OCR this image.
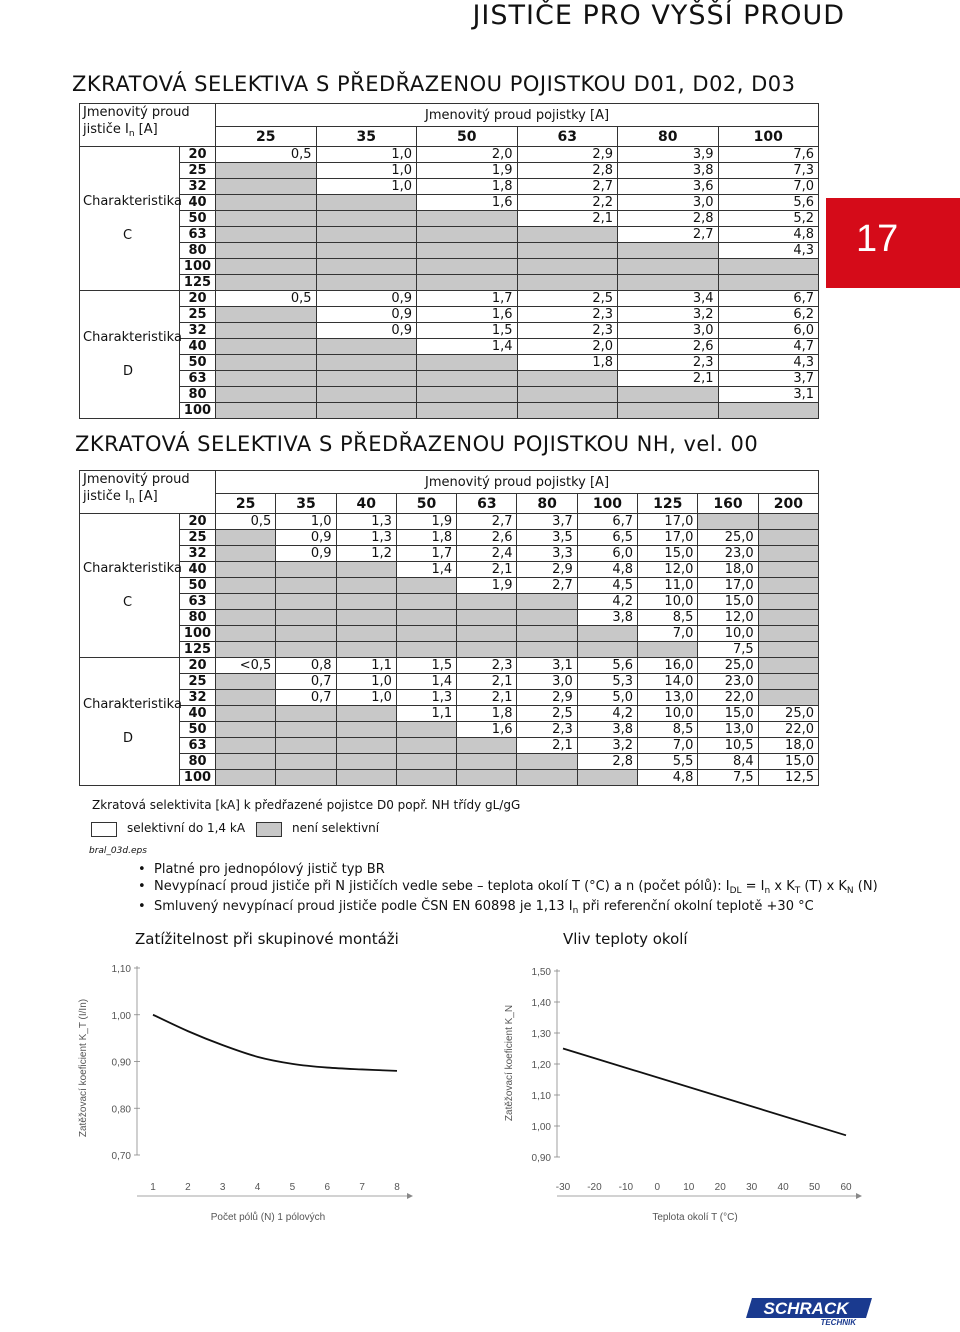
JISTIČE PRO VYŠŠÍ PROUD
17
ZKRATOVÁ SELEKTIVA S PŘEDŘAZENOU POJISTKOU D01, D02, D03
Jmenovitý proud
jističe $I_n$ [A]		Jmenovitý proud pojistky [A]					
		25	35	50	63	80	100
Charakteristika

C	20	0,5	1,0	2,0	2,9	3,9	7,6
	25		1,0	1,9	2,8	3,8	7,3
	32		1,0	1,8	2,7	3,6	7,0
	40			1,6	2,2	3,0	5,6
	50				2,1	2,8	5,2
	63					2,7	4,8
	80						4,3
	100						
	125						
Charakteristika

D	20	0,5	0,9	1,7	2,5	3,4	6,7
	25		0,9	1,6	2,3	3,2	6,2
	32		0,9	1,5	2,3	3,0	6,0
	40			1,4	2,0	2,6	4,7
	50				1,8	2,3	4,3
	63					2,1	3,7
	80						3,1
	100						
ZKRATOVÁ SELEKTIVA S PŘEDŘAZENOU POJISTKOU NH, vel. 00
Jmenovitý proud
jističe $I_n$ [A]		Jmenovitý proud pojistky [A]									
		25	35	40	50	63	80	100	125	160	200
Charakteristika

C	20	0,5	1,0	1,3	1,9	2,7	3,7	6,7	17,0		
	25		0,9	1,3	1,8	2,6	3,5	6,5	17,0	25,0	
	32		0,9	1,2	1,7	2,4	3,3	6,0	15,0	23,0	
	40				1,4	2,1	2,9	4,8	12,0	18,0	
	50					1,9	2,7	4,5	11,0	17,0	
	63							4,2	10,0	15,0	
	80							3,8	8,5	12,0	
	100								7,0	10,0	
	125									7,5	
Charakteristika

D	20	<0,5	0,8	1,1	1,5	2,3	3,1	5,6	16,0	25,0	
	25		0,7	1,0	1,4	2,1	3,0	5,3	14,0	23,0	
	32		0,7	1,0	1,3	2,1	2,9	5,0	13,0	22,0	
	40				1,1	1,8	2,5	4,2	10,0	15,0	25,0
	50					1,6	2,3	3,8	8,5	13,0	22,0
	63						2,1	3,2	7,0	10,5	18,0
	80							2,8	5,5	8,4	15,0
	100								4,8	7,5	12,5
Zkratová selektivita [kA] k předřazené pojistce D0 popř. NH třídy gL/gG
selektivní do 1,4 kA	není selektivní
bral_03d.eps
• Platné pro jednopólový jistič typ BR
• Nevypínací proud jističe při N jističích vedle sebe – teplota okolí T (°C) a n (počet pólů): $I_{DL} = I_n$ x $K_T$ (T) x $K_N$ (N)
• Smluvený nevypínací proud jističe podle ČSN EN 60898 je 1,13 $I_n$ při referenční okolní teplotě +30 °C
Zatížitelnost při skupinové montáži	Vliv teploty okolí
1,10
1,00
0,90
0,80
0,70
1	2	3	4	5	6	7	8
Zatěžovací koeficient K_T (I/In)
Počet pólů (N) 1 pólových
1,50
1,40
1,30
1,20
1,10
1,00
0,90
-30 -20 -10 0 10 20 30 40 50 60
Zatěžovací koeficient K_N
Teplota okolí T (°C)
SCHRACK
TECHNIK
